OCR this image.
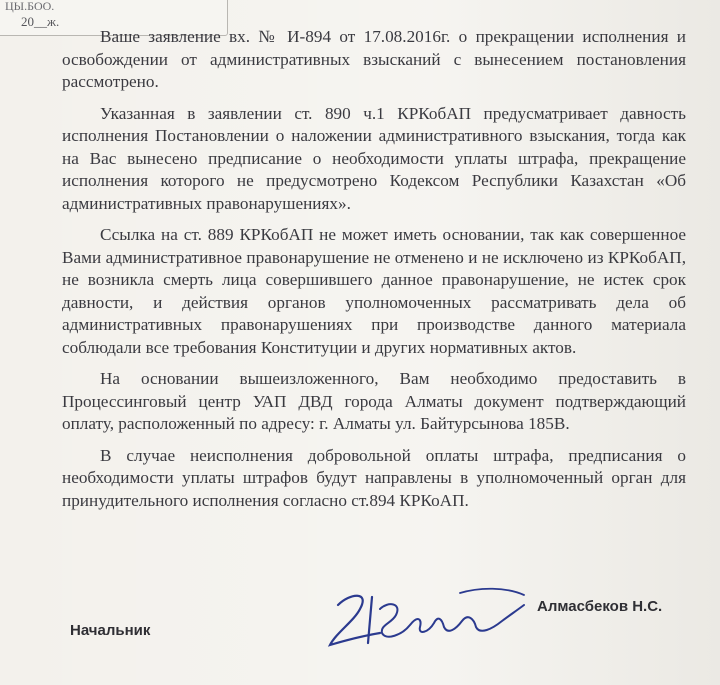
ЦЫ.БОО.
20__ж.

Ваше заявление вх. № И-894 от 17.08.2016г. о прекращении исполнения и освобождении от административных взысканий с вынесением постановления рассмотрено.

Указанная в заявлении ст. 890 ч.1 КРКобАП предусматривает давность исполнения Постановлении о наложении административного взыскания, тогда как на Вас вынесено предписание о необходимости уплаты штрафа, прекращение исполнения которого не предусмотрено Кодексом Республики Казахстан «Об административных правонарушениях».

Ссылка на ст. 889 КРКобАП не может иметь основании, так как совершенное Вами административное правонарушение не отменено и не исключено из КРКобАП, не возникла смерть лица совершившего данное правонарушение, не истек срок давности, и действия органов уполномоченных рассматривать дела об административных правонарушениях при производстве данного материала соблюдали все требования Конституции и других нормативных актов.

На основании вышеизложенного, Вам необходимо предоставить в Процессинговый центр УАП ДВД города Алматы документ подтверждающий оплату, расположенный по адресу: г. Алматы ул. Байтурсынова 185В.

В случае неисполнения добровольной оплаты штрафа, предписания о необходимости уплаты штрафов будут направлены в уполномоченный орган для принудительного исполнения согласно ст.894 КРКоАП.

Начальник
Алмасбеков Н.С.
